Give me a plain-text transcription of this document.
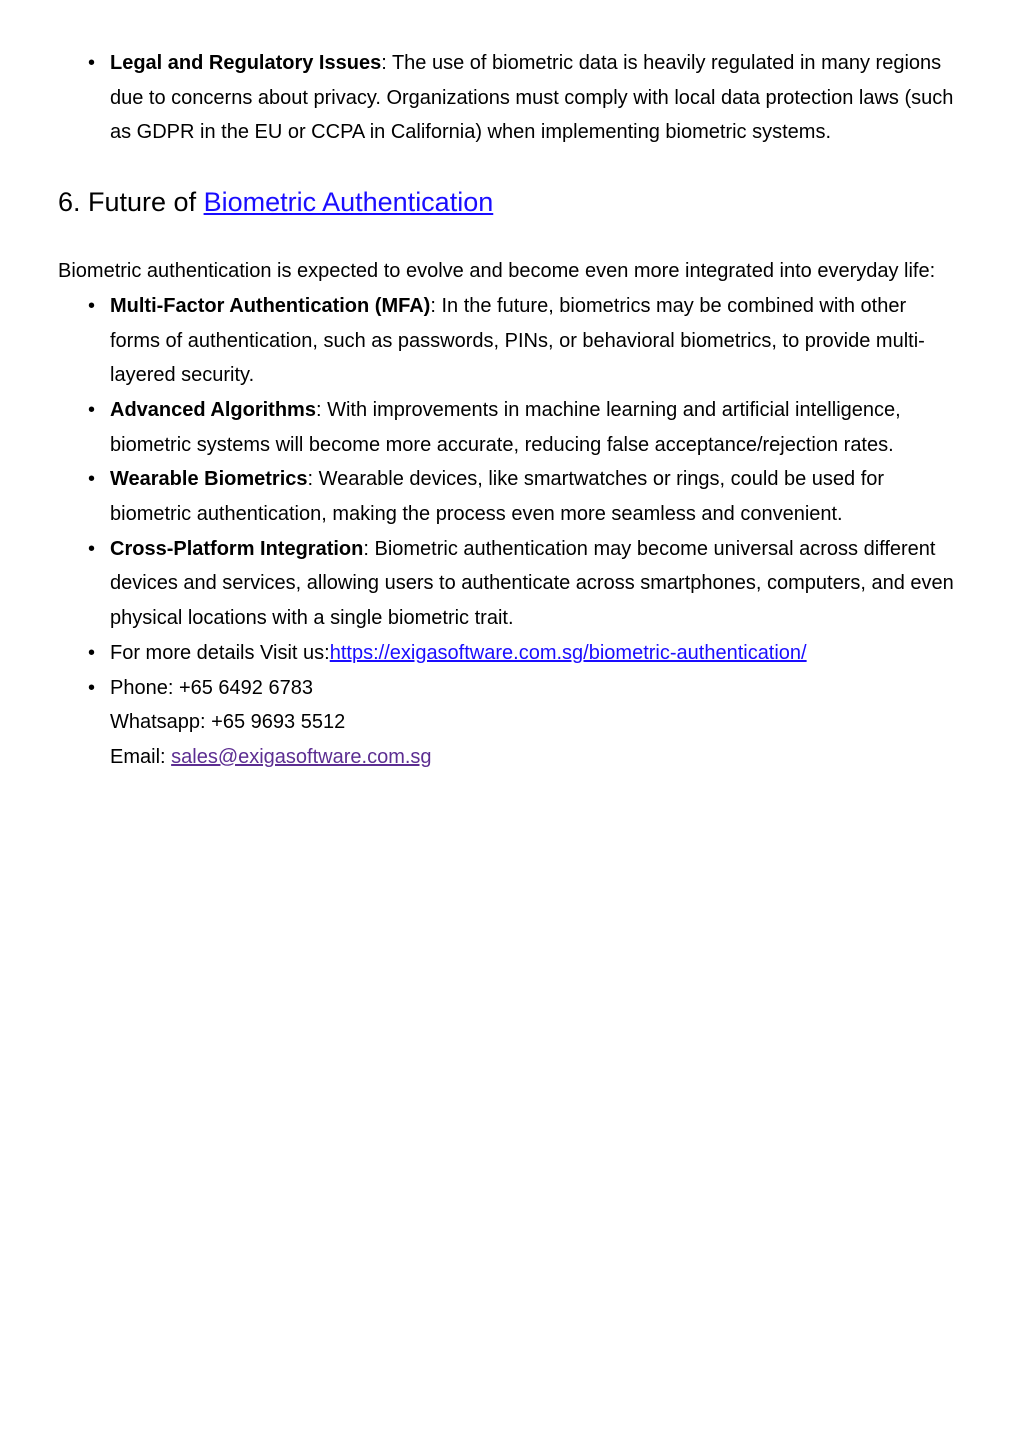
• Legal and Regulatory Issues: The use of biometric data is heavily regulated in many regions due to concerns about privacy. Organizations must comply with local data protection laws (such as GDPR in the EU or CCPA in California) when implementing biometric systems.
6. Future of Biometric Authentication

Biometric authentication is expected to evolve and become even more integrated into everyday life:

• Multi-Factor Authentication (MFA): In the future, biometrics may be combined with other forms of authentication, such as passwords, PINs, or behavioral biometrics, to provide multi-layered security.
• Advanced Algorithms: With improvements in machine learning and artificial intelligence, biometric systems will become more accurate, reducing false acceptance/rejection rates.
• Wearable Biometrics: Wearable devices, like smartwatches or rings, could be used for biometric authentication, making the process even more seamless and convenient.
• Cross-Platform Integration: Biometric authentication may become universal across different devices and services, allowing users to authenticate across smartphones, computers, and even physical locations with a single biometric trait.
• For more details Visit us:https://exigasoftware.com.sg/biometric-authentication/
• Phone: +65 6492 6783
Whatsapp: +65 9693 5512
Email: sales@exigasoftware.com.sg
